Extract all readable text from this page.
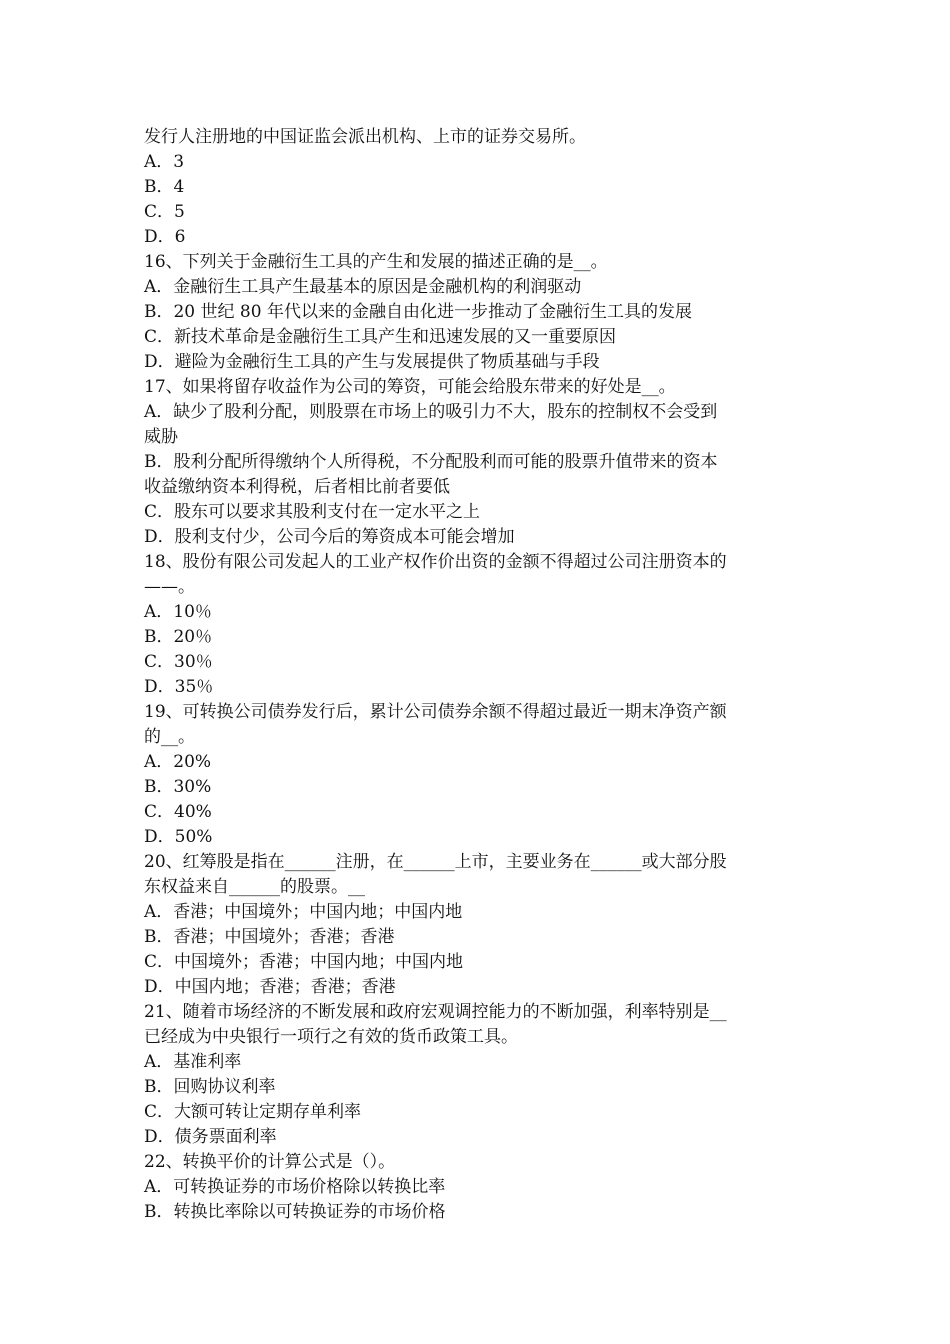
发行人注册地的中国证监会派出机构、上市的证券交易所。

A．3

B．4

C．5

D．6

16、下列关于金融衍生工具的产生和发展的描述正确的是__。

A．金融衍生工具产生最基本的原因是金融机构的利润驱动

B．20 世纪 80 年代以来的金融自由化进一步推动了金融衍生工具的发展

C．新技术革命是金融衍生工具产生和迅速发展的又一重要原因

D．避险为金融衍生工具的产生与发展提供了物质基础与手段

17、如果将留存收益作为公司的筹资，可能会给股东带来的好处是__。

A．缺少了股利分配，则股票在市场上的吸引力不大，股东的控制权不会受到

威胁

B．股利分配所得缴纳个人所得税，不分配股利而可能的股票升值带来的资本

收益缴纳资本利得税，后者相比前者要低

C．股东可以要求其股利支付在一定水平之上

D．股利支付少，公司今后的筹资成本可能会增加

18、股份有限公司发起人的工业产权作价出资的金额不得超过公司注册资本的

——。

A．10％

B．20％

C．30％

D．35％

19、可转换公司债券发行后，累计公司债券余额不得超过最近一期末净资产额

的__。

A．20%

B．30%

C．40%

D．50%

20、红筹股是指在______注册，在______上市，主要业务在______或大部分股

东权益来自______的股票。__

A．香港；中国境外；中国内地；中国内地

B．香港；中国境外；香港；香港

C．中国境外；香港；中国内地；中国内地

D．中国内地；香港；香港；香港

21、随着市场经济的不断发展和政府宏观调控能力的不断加强，利率特别是__

已经成为中央银行一项行之有效的货币政策工具。

A．基准利率

B．回购协议利率

C．大额可转让定期存单利率

D．债务票面利率

22、转换平价的计算公式是（）。

A．可转换证券的市场价格除以转换比率

B．转换比率除以可转换证券的市场价格
